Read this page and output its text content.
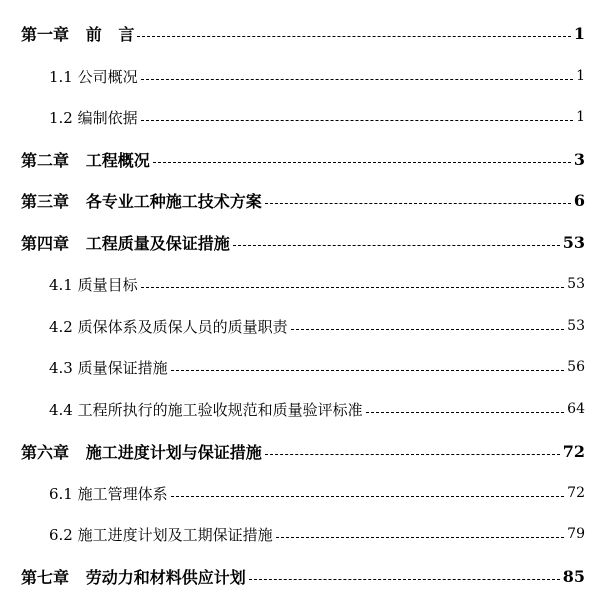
第一章   前   言	1
1.1 公司概况	1
1.2 编制依据	1
第二章   工程概况	3
第三章   各专业工种施工技术方案	6
第四章   工程质量及保证措施	53
4.1 质量目标	53
4.2 质保体系及质保人员的质量职责	53
4.3 质量保证措施	56
4.4 工程所执行的施工验收规范和质量验评标准	64
第六章   施工进度计划与保证措施	72
6.1 施工管理体系	72
6.2 施工进度计划及工期保证措施	79
第七章   劳动力和材料供应计划	85
